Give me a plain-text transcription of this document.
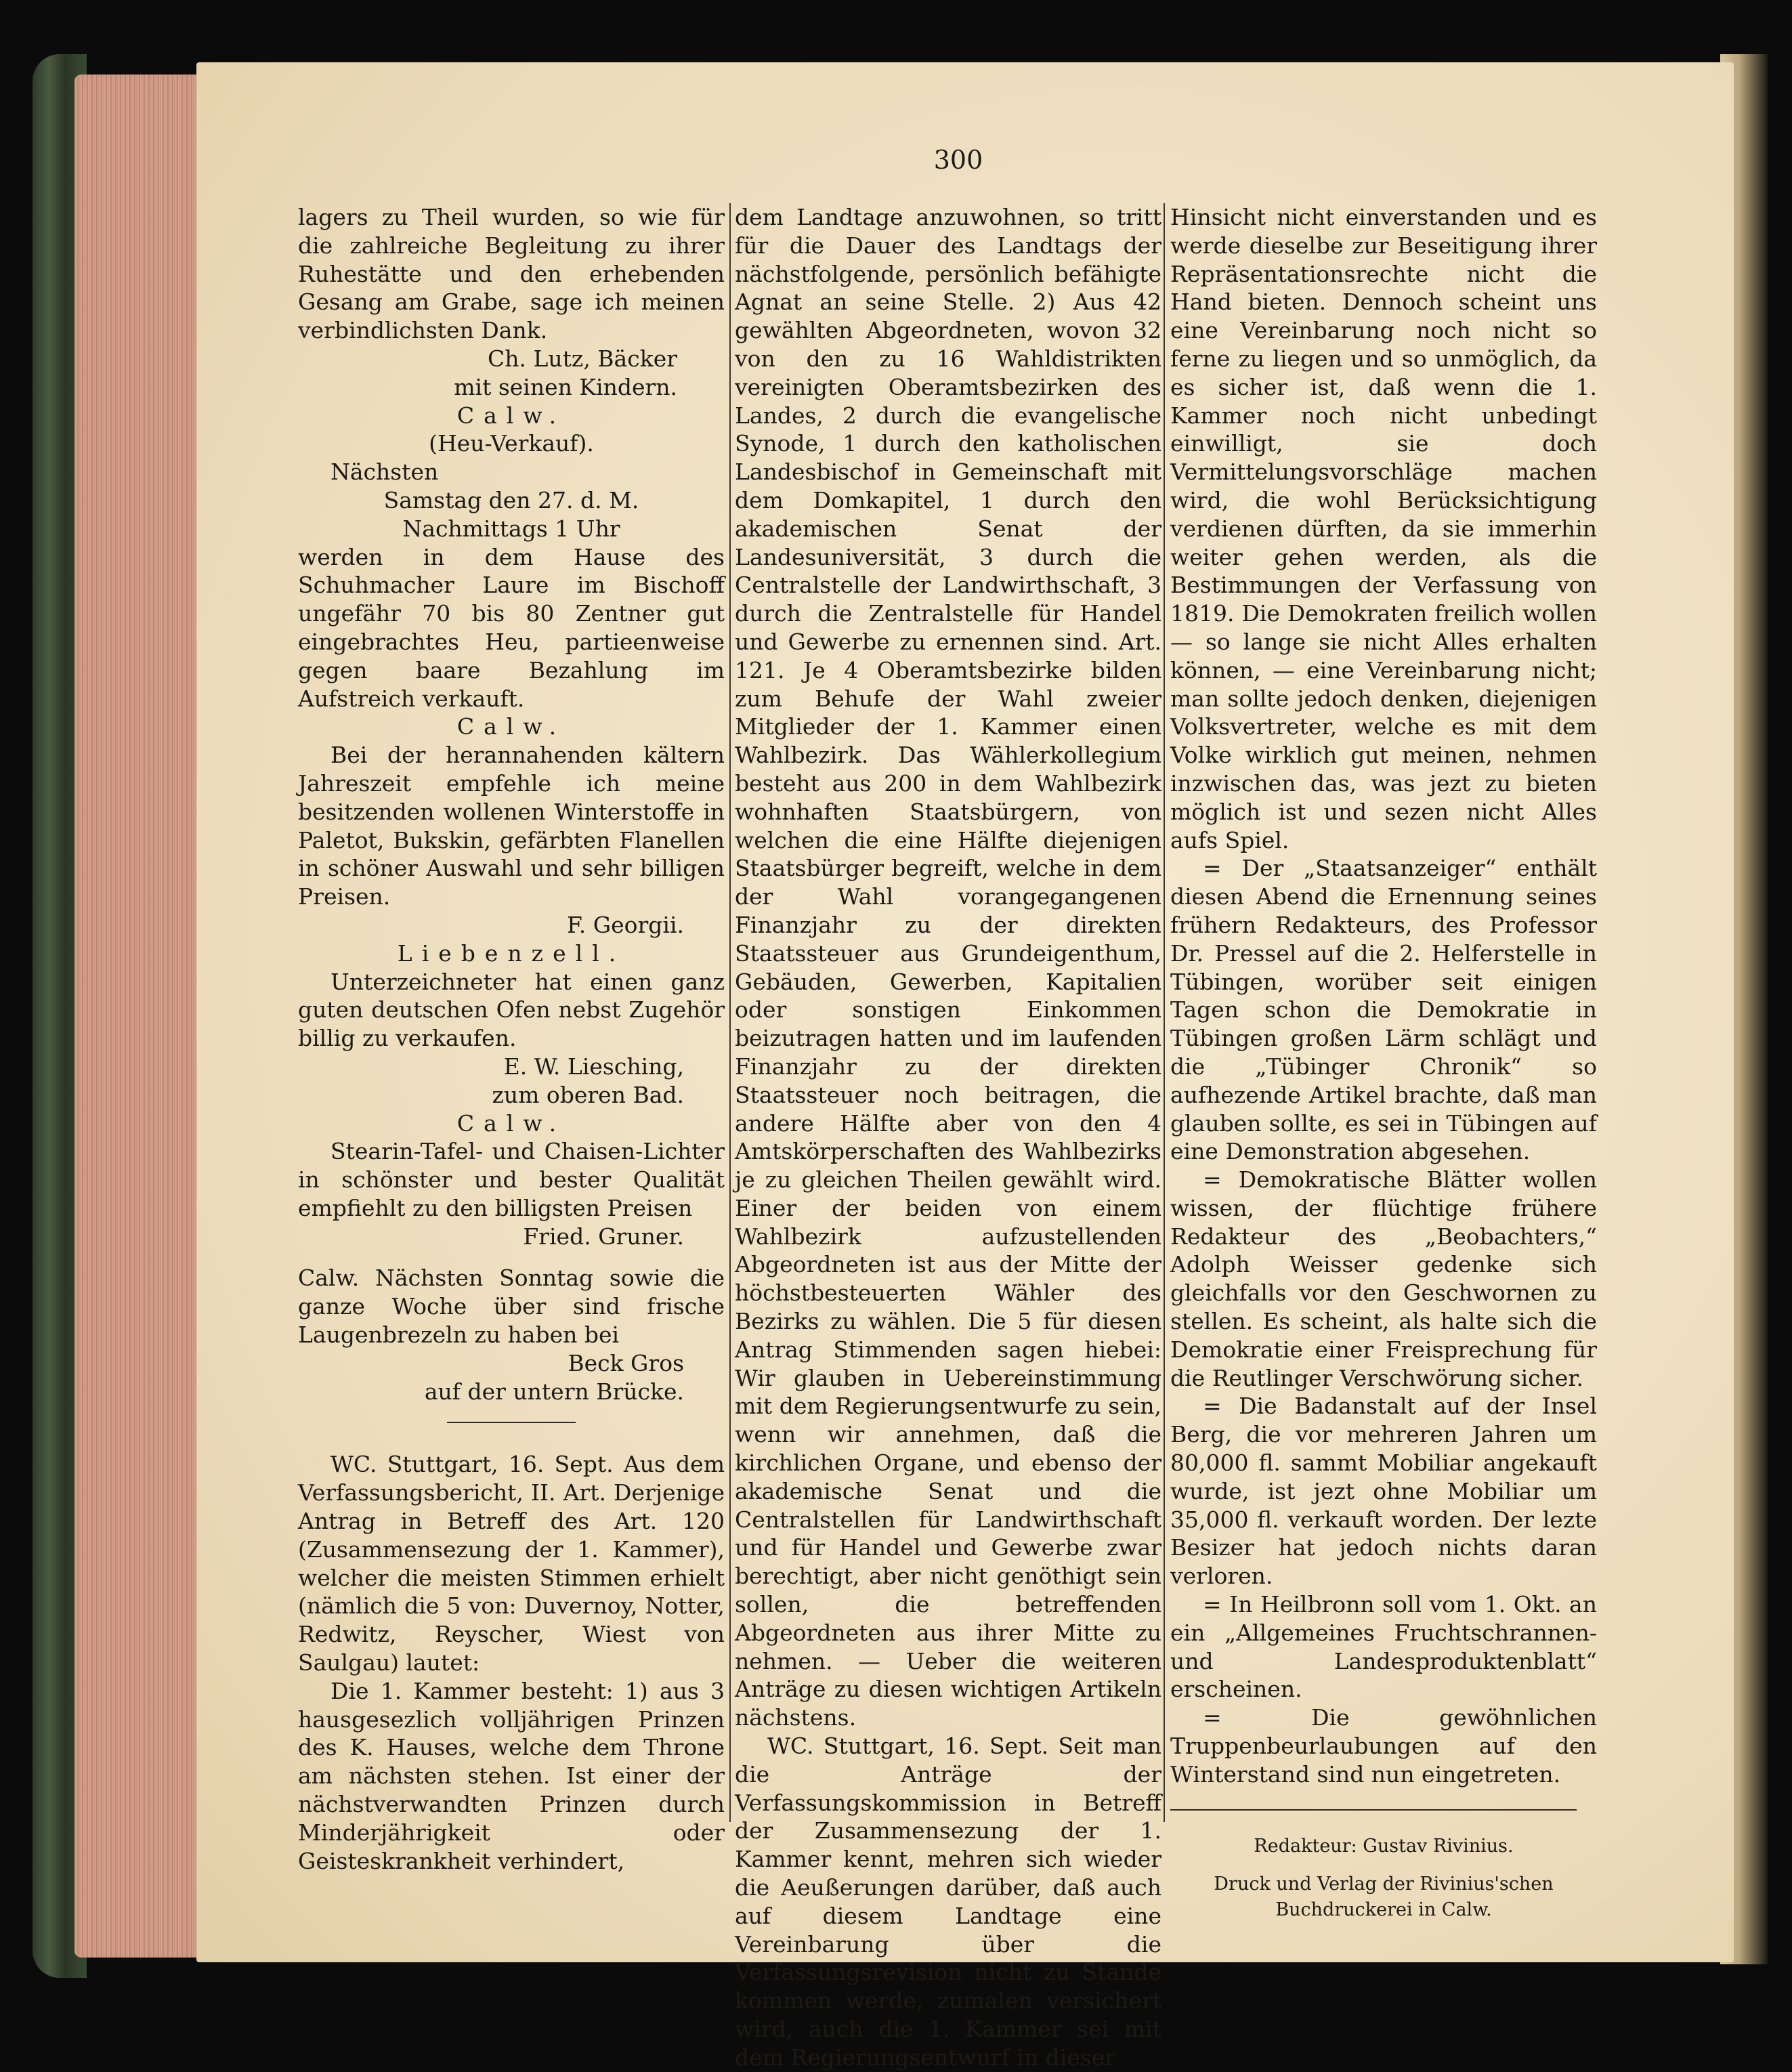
300

lagers zu Theil wurden, so wie für die zahlreiche Begleitung zu ihrer Ruhestätte und den erhebenden Gesang am Grabe, sage ich meinen verbindlichsten Dank.

Ch. Lutz, Bäcker

mit seinen Kindern.

Calw.

(Heu-Verkauf).

Nächsten

Samstag den 27. d. M.

Nachmittags 1 Uhr

werden in dem Hause des Schuhmacher Laure im Bischoff ungefähr 70 bis 80 Zentner gut eingebrachtes Heu, partieenweise gegen baare Bezahlung im Aufstreich verkauft.

Calw.

Bei der herannahenden kältern Jahreszeit empfehle ich meine besitzenden wollenen Winterstoffe in Paletot, Bukskin, gefärbten Flanellen in schöner Auswahl und sehr billigen Preisen.

F. Georgii.

Liebenzell.

Unterzeichneter hat einen ganz guten deutschen Ofen nebst Zugehör billig zu verkaufen.

E. W. Liesching,

zum oberen Bad.

Calw.

Stearin-Tafel- und Chaisen-Lichter in schönster und bester Qualität empfiehlt zu den billigsten Preisen

Fried. Gruner.

Calw. Nächsten Sonntag sowie die ganze Woche über sind frische Laugenbrezeln zu haben bei

Beck Gros

auf der untern Brücke.

WC. Stuttgart, 16. Sept. Aus dem Verfassungsbericht, II. Art. Derjenige Antrag in Betreff des Art. 120 (Zusammensezung der 1. Kammer), welcher die meisten Stimmen erhielt (nämlich die 5 von: Duvernoy, Notter, Redwitz, Reyscher, Wiest von Saulgau) lautet:

Die 1. Kammer besteht: 1) aus 3 hausgesezlich volljährigen Prinzen des K. Hauses, welche dem Throne am nächsten stehen. Ist einer der nächstverwandten Prinzen durch Minderjährigkeit oder Geisteskrankheit verhindert,

dem Landtage anzuwohnen, so tritt für die Dauer des Landtags der nächstfolgende, persönlich befähigte Agnat an seine Stelle. 2) Aus 42 gewählten Abgeordneten, wovon 32 von den zu 16 Wahldistrikten vereinigten Oberamtsbezirken des Landes, 2 durch die evangelische Synode, 1 durch den katholischen Landesbischof in Gemeinschaft mit dem Domkapitel, 1 durch den akademischen Senat der Landesuniversität, 3 durch die Centralstelle der Landwirthschaft, 3 durch die Zentralstelle für Handel und Gewerbe zu ernennen sind. Art. 121. Je 4 Oberamtsbezirke bilden zum Behufe der Wahl zweier Mitglieder der 1. Kammer einen Wahlbezirk. Das Wählerkollegium besteht aus 200 in dem Wahlbezirk wohnhaften Staatsbürgern, von welchen die eine Hälfte diejenigen Staatsbürger begreift, welche in dem der Wahl vorangegangenen Finanzjahr zu der direkten Staatssteuer aus Grundeigenthum, Gebäuden, Gewerben, Kapitalien oder sonstigen Einkommen beizutragen hatten und im laufenden Finanzjahr zu der direkten Staatssteuer noch beitragen, die andere Hälfte aber von den 4 Amtskörperschaften des Wahlbezirks je zu gleichen Theilen gewählt wird. Einer der beiden von einem Wahlbezirk aufzustellenden Abgeordneten ist aus der Mitte der höchstbesteuerten Wähler des Bezirks zu wählen. Die 5 für diesen Antrag Stimmenden sagen hiebei: Wir glauben in Uebereinstimmung mit dem Regierungsentwurfe zu sein, wenn wir annehmen, daß die kirchlichen Organe, und ebenso der akademische Senat und die Centralstellen für Landwirthschaft und für Handel und Gewerbe zwar berechtigt, aber nicht genöthigt sein sollen, die betreffenden Abgeordneten aus ihrer Mitte zu nehmen. — Ueber die weiteren Anträge zu diesen wichtigen Artikeln nächstens.

WC. Stuttgart, 16. Sept. Seit man die Anträge der Verfassungskommission in Betreff der Zusammensezung der 1. Kammer kennt, mehren sich wieder die Aeußerungen darüber, daß auch auf diesem Landtage eine Vereinbarung über die Verfassungsrevision nicht zu Stande kommen werde, zumalen versichert wird, auch die 1. Kammer sei mit dem Regierungsentwurf in dieser

Hinsicht nicht einverstanden und es werde dieselbe zur Beseitigung ihrer Repräsentationsrechte nicht die Hand bieten. Dennoch scheint uns eine Vereinbarung noch nicht so ferne zu liegen und so unmöglich, da es sicher ist, daß wenn die 1. Kammer noch nicht unbedingt einwilligt, sie doch Vermittelungsvorschläge machen wird, die wohl Berücksichtigung verdienen dürften, da sie immerhin weiter gehen werden, als die Bestimmungen der Verfassung von 1819. Die Demokraten freilich wollen — so lange sie nicht Alles erhalten können, — eine Vereinbarung nicht; man sollte jedoch denken, diejenigen Volksvertreter, welche es mit dem Volke wirklich gut meinen, nehmen inzwischen das, was jezt zu bieten möglich ist und sezen nicht Alles aufs Spiel.

= Der „Staatsanzeiger“ enthält diesen Abend die Ernennung seines frühern Redakteurs, des Professor Dr. Pressel auf die 2. Helferstelle in Tübingen, worüber seit einigen Tagen schon die Demokratie in Tübingen großen Lärm schlägt und die „Tübinger Chronik“ so aufhezende Artikel brachte, daß man glauben sollte, es sei in Tübingen auf eine Demonstration abgesehen.

= Demokratische Blätter wollen wissen, der flüchtige frühere Redakteur des „Beobachters,“ Adolph Weisser gedenke sich gleichfalls vor den Geschwornen zu stellen. Es scheint, als halte sich die Demokratie einer Freisprechung für die Reutlinger Verschwörung sicher.

= Die Badanstalt auf der Insel Berg, die vor mehreren Jahren um 80,000 fl. sammt Mobiliar angekauft wurde, ist jezt ohne Mobiliar um 35,000 fl. verkauft worden. Der lezte Besizer hat jedoch nichts daran verloren.

= In Heilbronn soll vom 1. Okt. an ein „Allgemeines Fruchtschrannen- und Landesproduktenblatt“ erscheinen.

= Die gewöhnlichen Truppenbeurlaubungen auf den Winterstand sind nun eingetreten.

Redakteur: Gustav Rivinius.

Druck und Verlag der Rivinius'schen Buchdruckerei in Calw.
